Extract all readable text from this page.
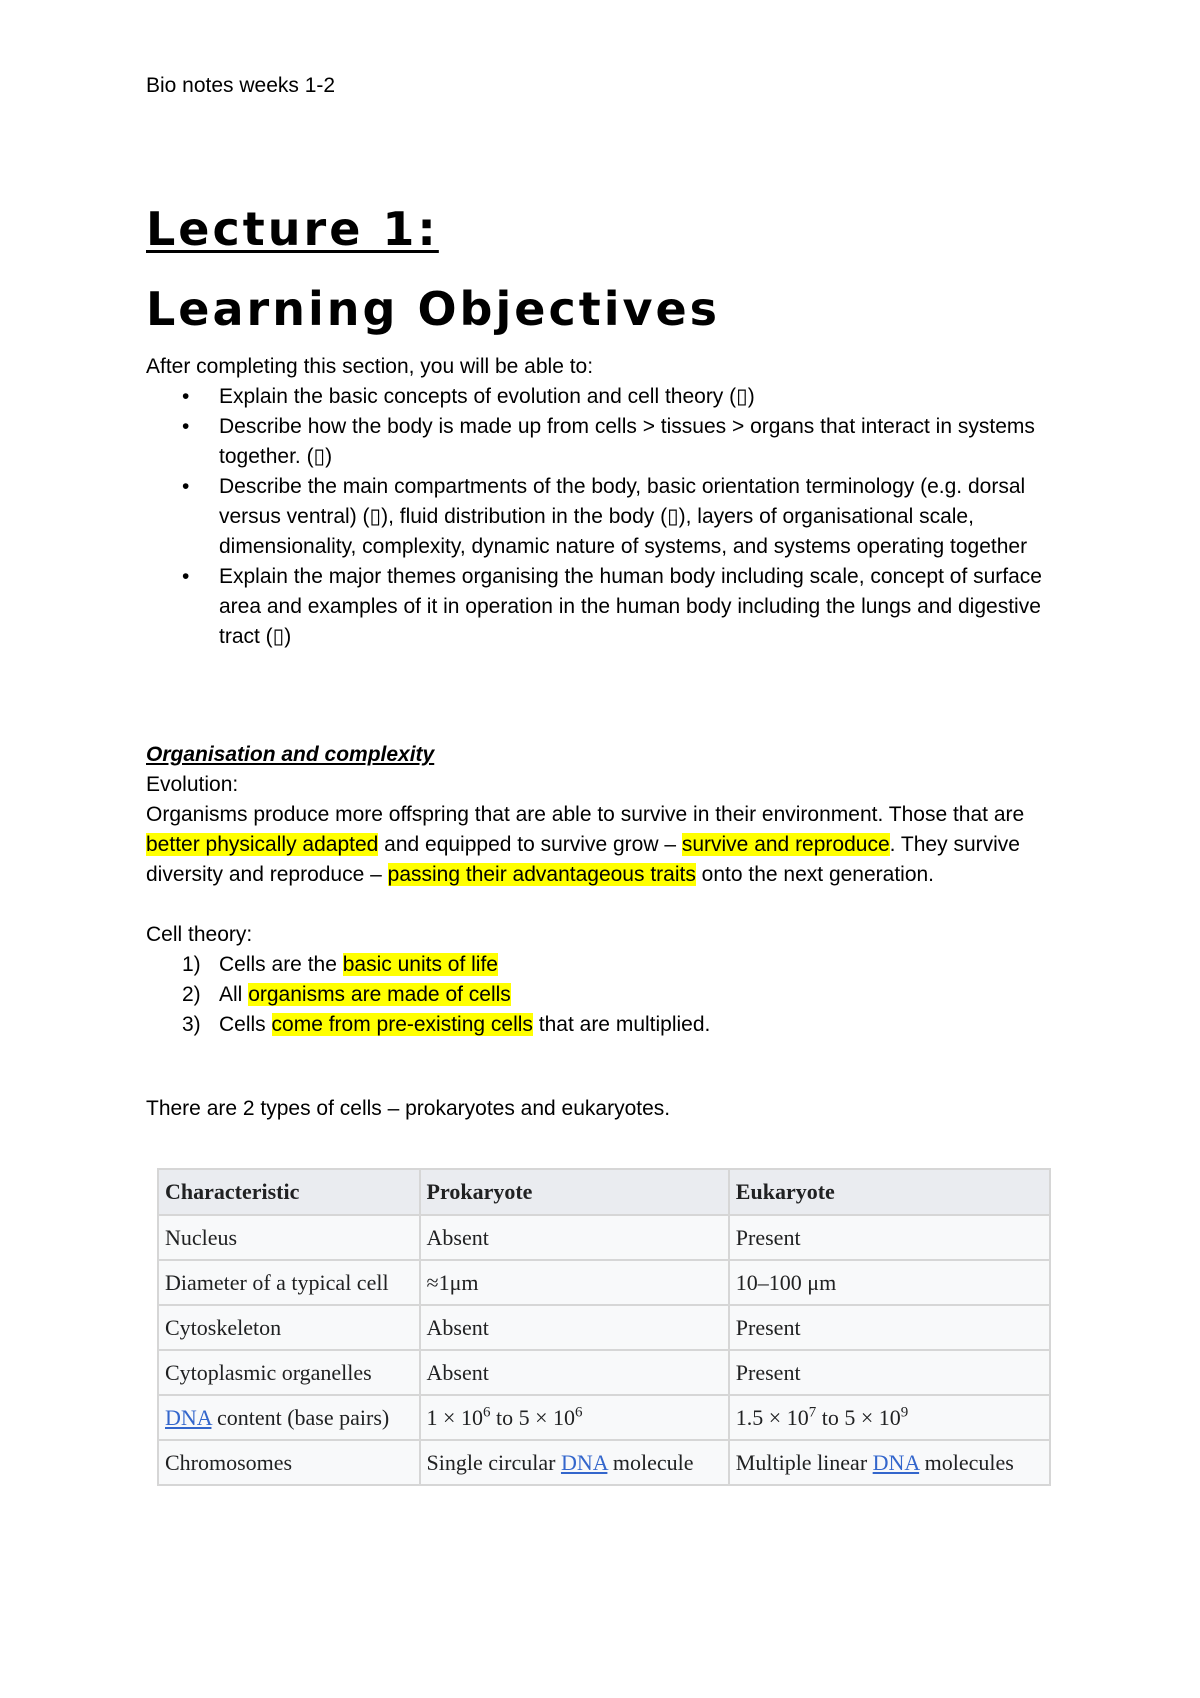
Bio notes weeks 1-2
Lecture 1:
Learning Objectives
After completing this section, you will be able to:
• Explain the basic concepts of evolution and cell theory (▯)
• Describe how the body is made up from cells > tissues > organs that interact in systems together. (▯)
• Describe the main compartments of the body, basic orientation terminology (e.g. dorsal versus ventral) (▯), fluid distribution in the body (▯), layers of organisational scale, dimensionality, complexity, dynamic nature of systems, and systems operating together
• Explain the major themes organising the human body including scale, concept of surface area and examples of it in operation in the human body including the lungs and digestive tract (▯)
Organisation and complexity
Evolution:
Organisms produce more offspring that are able to survive in their environment. Those that are better physically adapted and equipped to survive grow – survive and reproduce. They survive diversity and reproduce – passing their advantageous traits onto the next generation.
Cell theory:
1) Cells are the basic units of life
2) All organisms are made of cells
3) Cells come from pre-existing cells that are multiplied.
There are 2 types of cells – prokaryotes and eukaryotes.
Characteristic	Prokaryote	Eukaryote
Nucleus	Absent	Present
Diameter of a typical cell	≈1μm	10–100 μm
Cytoskeleton	Absent	Present
Cytoplasmic organelles	Absent	Present
DNA content (base pairs)	$1 \times 10^6$ to $5 \times 10^6$	$1.5 \times 10^7$ to $5 \times 10^9$
Chromosomes	Single circular DNA molecule	Multiple linear DNA molecules
